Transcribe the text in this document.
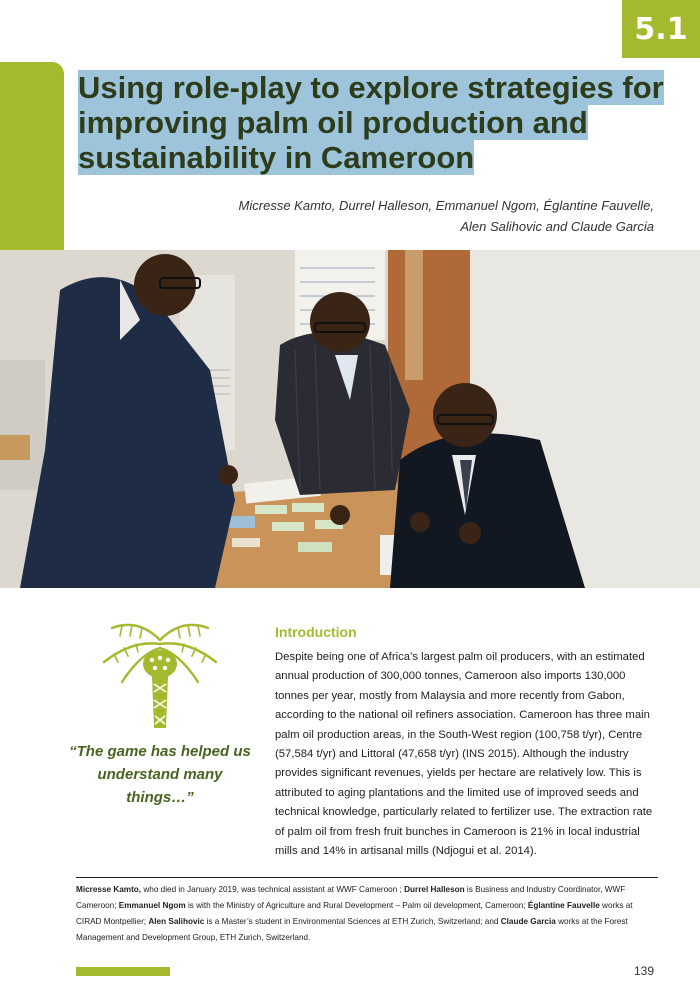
5.1
Using role-play to explore strategies for improving palm oil production and sustainability in Cameroon
Micresse Kamto, Durrel Halleson, Emmanuel Ngom, Églantine Fauvelle,
Alen Salihovic and Claude Garcia
“The game has helped us understand many things…”
Introduction

Despite being one of Africa’s largest palm oil producers, with an estimated annual production of 300,000 tonnes, Cameroon also imports 130,000 tonnes per year, mostly from Malaysia and more recently from Gabon, according to the national oil refiners association. Cameroon has three main palm oil production areas, in the South-West region (100,758 t/yr), Centre (57,584 t/yr) and Littoral (47,658 t/yr) (INS 2015). Although the industry provides significant revenues, yields per hectare are relatively low. This is attributed to aging plantations and the limited use of improved seeds and technical knowledge, particularly related to fertilizer use. The extraction rate of palm oil from fresh fruit bunches in Cameroon is 21% in local industrial mills and 14% in artisanal mills (Ndjogui et al. 2014).

Micresse Kamto, who died in January 2019, was technical assistant at WWF Cameroon ; Durrel Halleson is Business and Industry Coordinator, WWF Cameroon; Emmanuel Ngom is with the Ministry of Agriculture and Rural Development – Palm oil development, Cameroon; Églantine Fauvelle works at CIRAD Montpellier; Alen Salihovic is a Master’s student in Environmental Sciences at ETH Zurich, Switzerland; and Claude Garcia works at the Forest Management and Development Group, ETH Zurich, Switzerland.

139
